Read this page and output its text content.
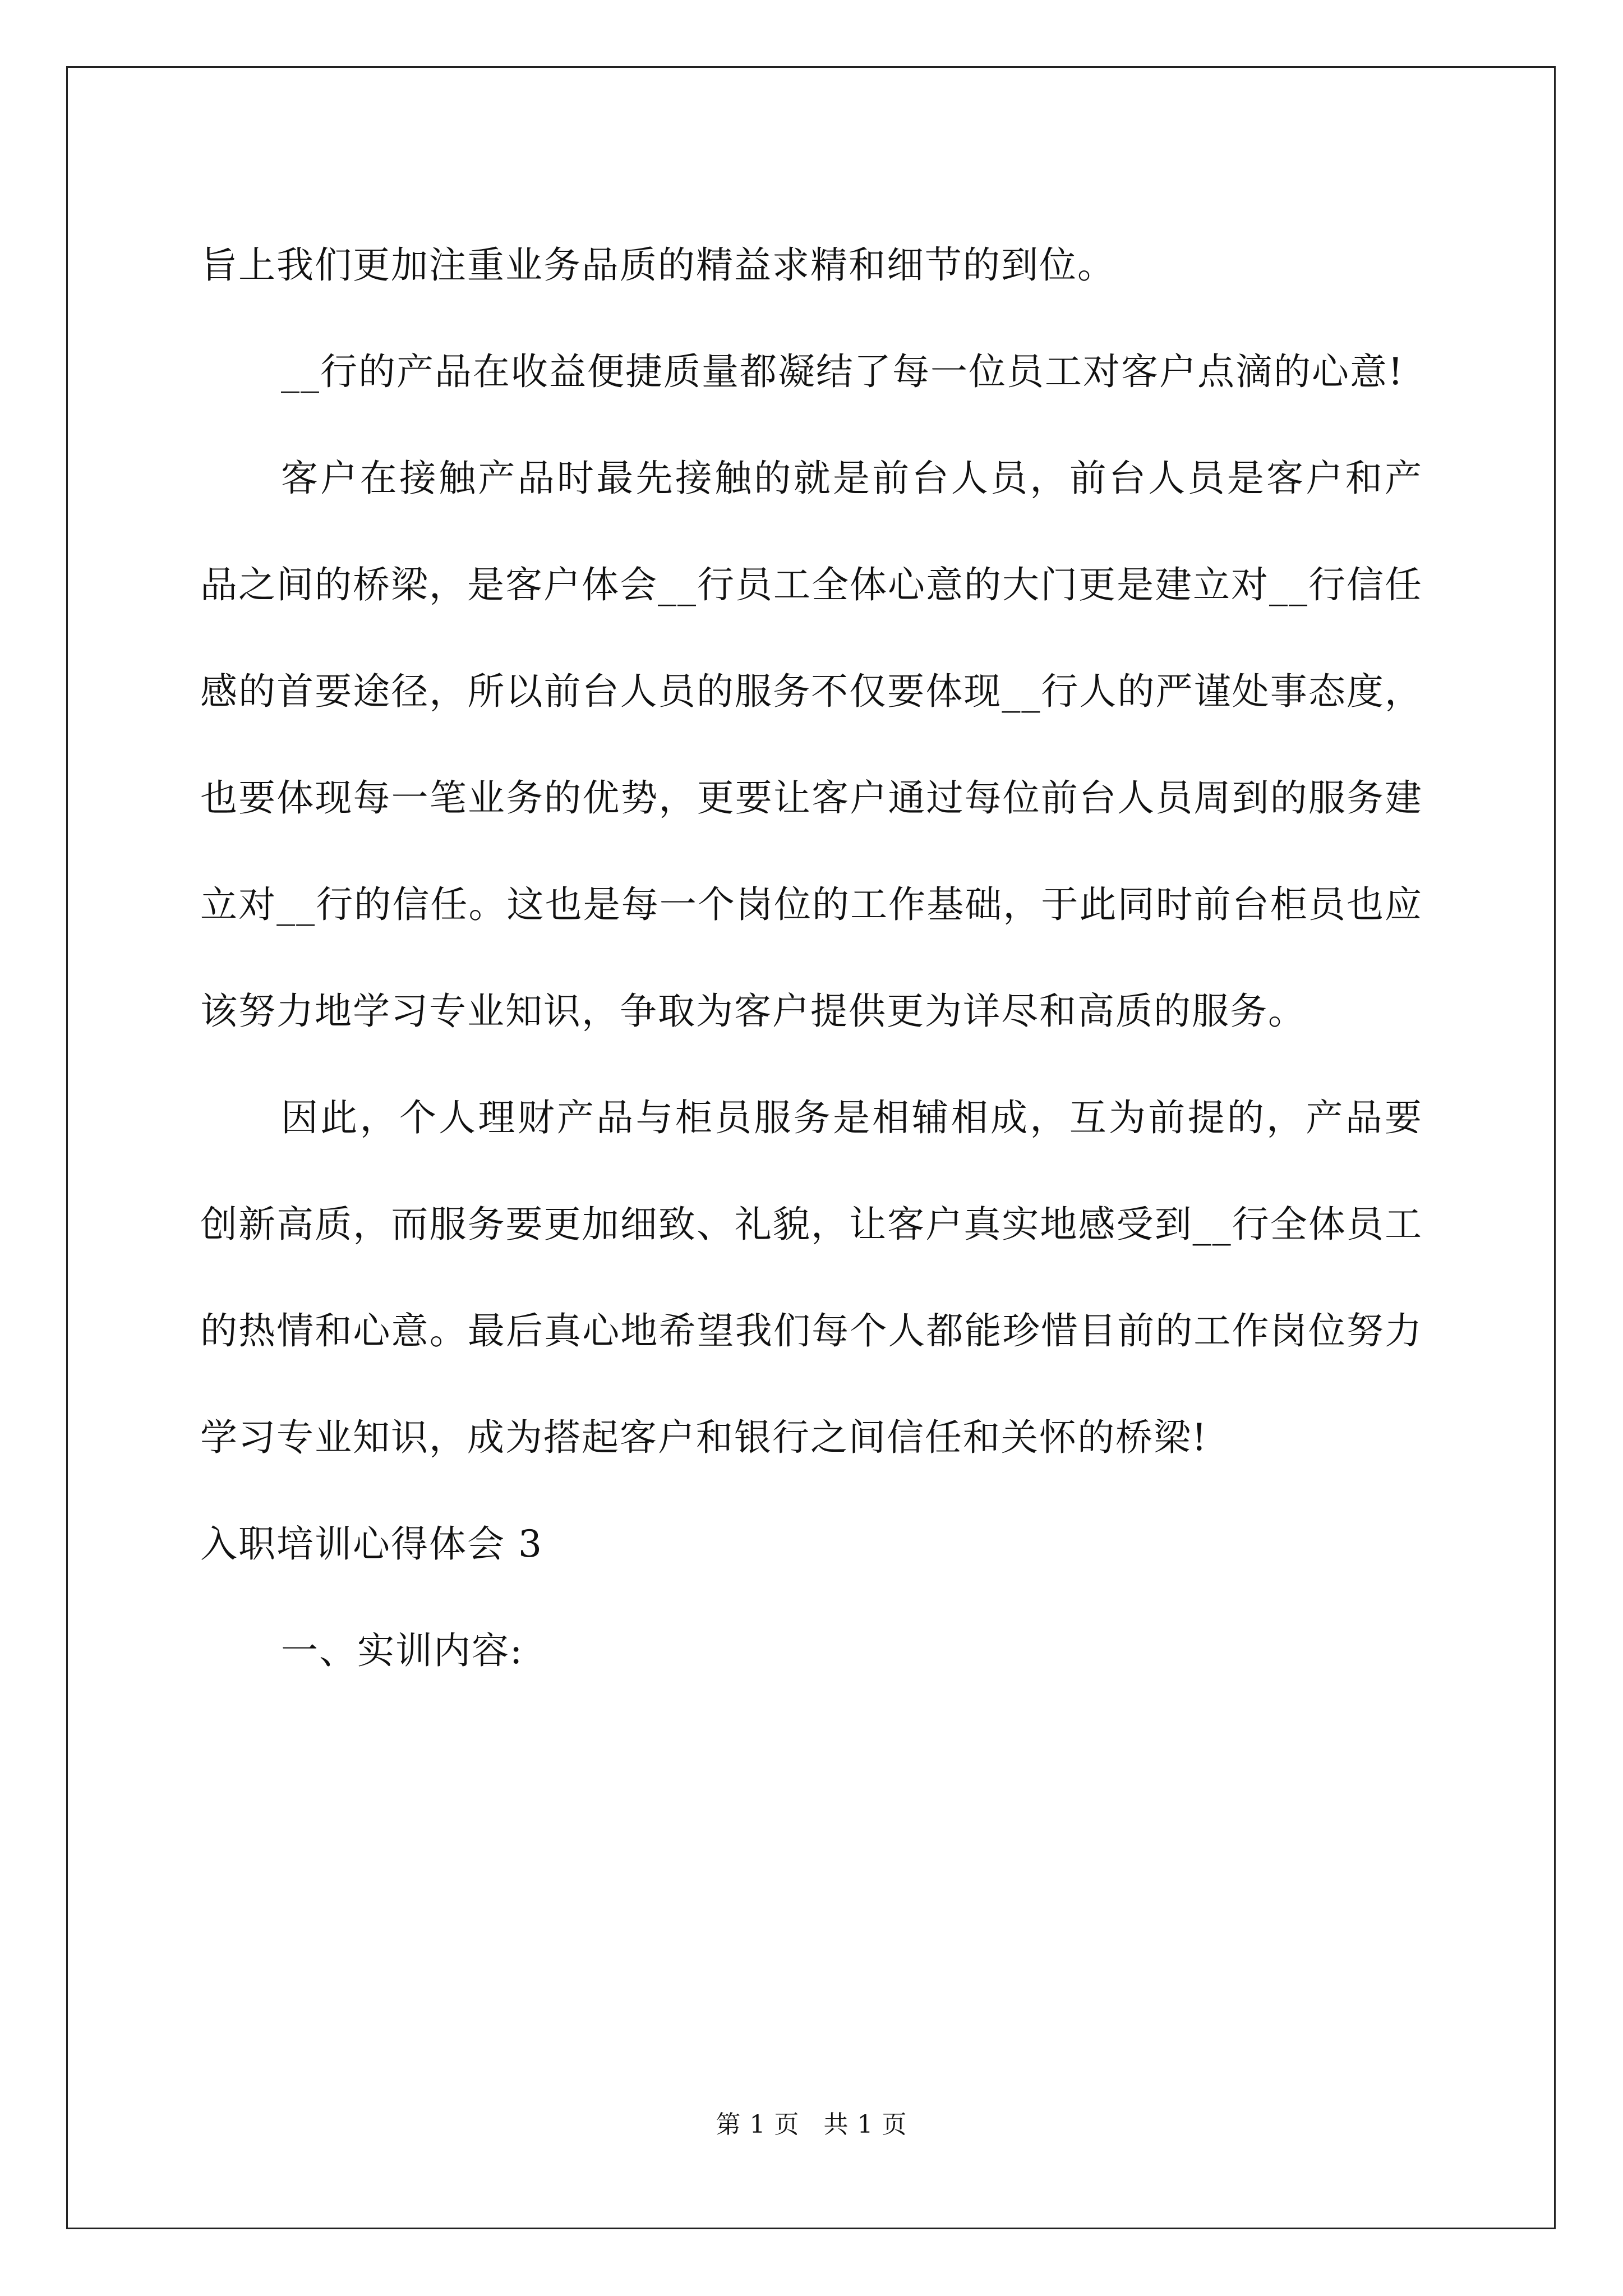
旨上我们更加注重业务品质的精益求精和细节的到位。

__行的产品在收益便捷质量都凝结了每一位员工对客户点滴的心意!

客户在接触产品时最先接触的就是前台人员，前台人员是客户和产品之间的桥梁，是客户体会__行员工全体心意的大门更是建立对__行信任感的首要途径，所以前台人员的服务不仅要体现__行人的严谨处事态度，也要体现每一笔业务的优势，更要让客户通过每位前台人员周到的服务建立对__行的信任。这也是每一个岗位的工作基础，于此同时前台柜员也应该努力地学习专业知识，争取为客户提供更为详尽和高质的服务。

因此，个人理财产品与柜员服务是相辅相成，互为前提的，产品要创新高质，而服务要更加细致、礼貌，让客户真实地感受到__行全体员工的热情和心意。最后真心地希望我们每个人都能珍惜目前的工作岗位努力学习专业知识，成为搭起客户和银行之间信任和关怀的桥梁!

入职培训心得体会 3

一、实训内容:

第 1 页 共 1 页
